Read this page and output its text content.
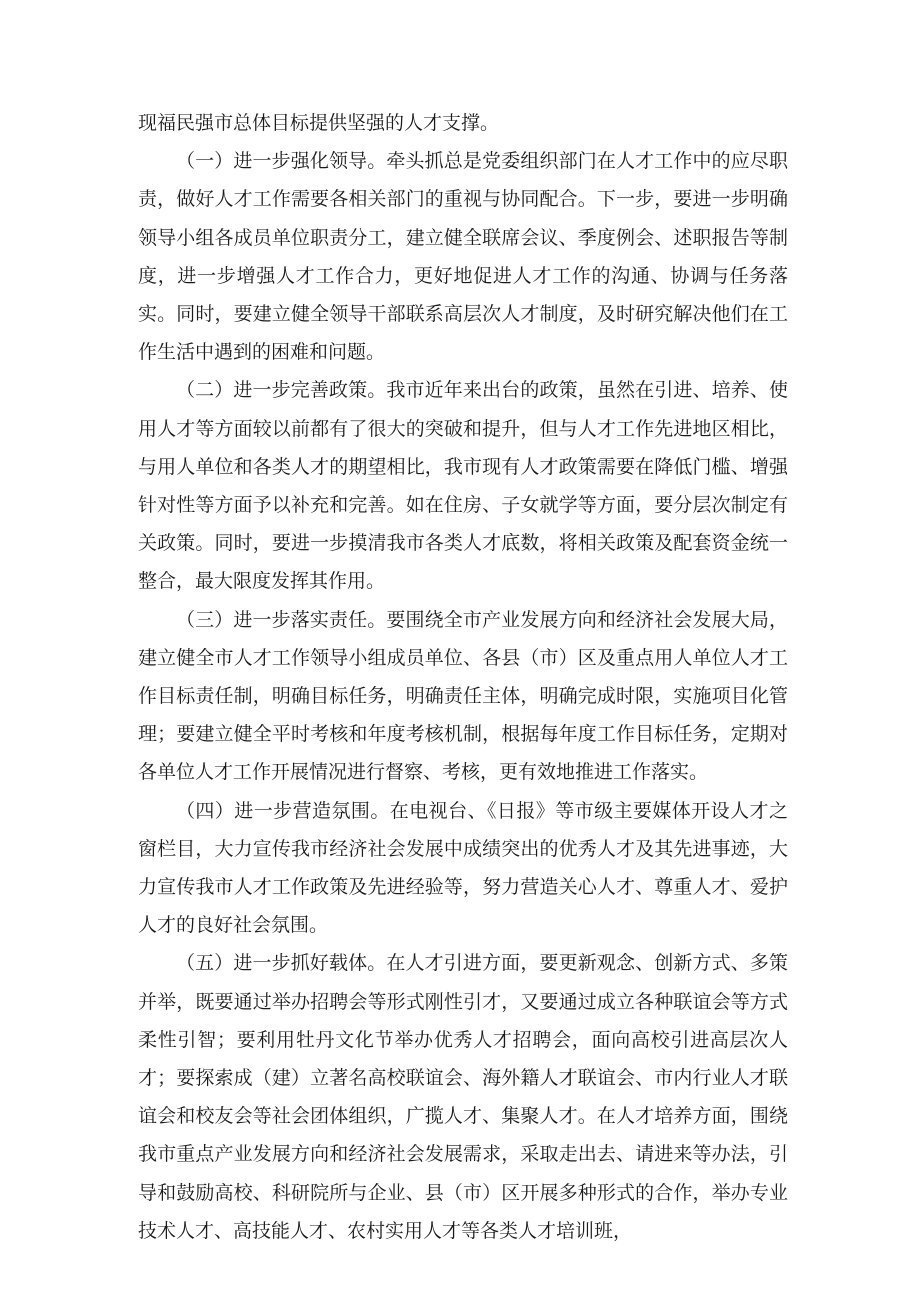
现福民强市总体目标提供坚强的人才支撑。

（一）进一步强化领导。牵头抓总是党委组织部门在人才工作中的应尽职责，做好人才工作需要各相关部门的重视与协同配合。下一步，要进一步明确领导小组各成员单位职责分工，建立健全联席会议、季度例会、述职报告等制度，进一步增强人才工作合力，更好地促进人才工作的沟通、协调与任务落实。同时，要建立健全领导干部联系高层次人才制度，及时研究解决他们在工作生活中遇到的困难和问题。

（二）进一步完善政策。我市近年来出台的政策，虽然在引进、培养、使用人才等方面较以前都有了很大的突破和提升，但与人才工作先进地区相比，与用人单位和各类人才的期望相比，我市现有人才政策需要在降低门槛、增强针对性等方面予以补充和完善。如在住房、子女就学等方面，要分层次制定有关政策。同时，要进一步摸清我市各类人才底数，将相关政策及配套资金统一整合，最大限度发挥其作用。

（三）进一步落实责任。要围绕全市产业发展方向和经济社会发展大局，建立健全市人才工作领导小组成员单位、各县（市）区及重点用人单位人才工作目标责任制，明确目标任务，明确责任主体，明确完成时限，实施项目化管理；要建立健全平时考核和年度考核机制，根据每年度工作目标任务，定期对各单位人才工作开展情况进行督察、考核，更有效地推进工作落实。

（四）进一步营造氛围。在电视台、《日报》等市级主要媒体开设人才之窗栏目，大力宣传我市经济社会发展中成绩突出的优秀人才及其先进事迹，大力宣传我市人才工作政策及先进经验等，努力营造关心人才、尊重人才、爱护人才的良好社会氛围。

（五）进一步抓好载体。在人才引进方面，要更新观念、创新方式、多策并举，既要通过举办招聘会等形式刚性引才，又要通过成立各种联谊会等方式柔性引智；要利用牡丹文化节举办优秀人才招聘会，面向高校引进高层次人才；要探索成（建）立著名高校联谊会、海外籍人才联谊会、市内行业人才联谊会和校友会等社会团体组织，广揽人才、集聚人才。在人才培养方面，围绕我市重点产业发展方向和经济社会发展需求，采取走出去、请进来等办法，引导和鼓励高校、科研院所与企业、县（市）区开展多种形式的合作，举办专业技术人才、高技能人才、农村实用人才等各类人才培训班，
